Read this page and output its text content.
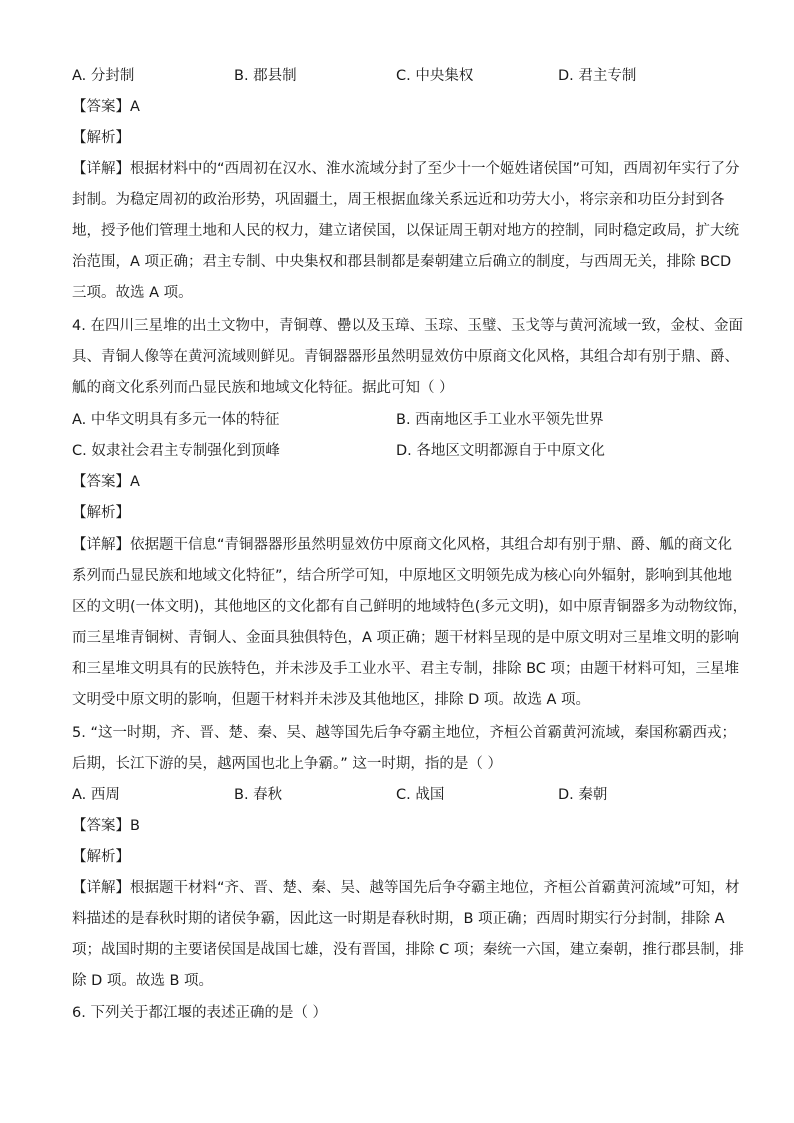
A. 分封制	B. 郡县制	C. 中央集权	D. 君主专制
【答案】A
【解析】
【详解】根据材料中的“西周初在汉水、淮水流域分封了至少十一个姬姓诸侯国”可知，西周初年实行了分
封制。为稳定周初的政治形势，巩固疆土，周王根据血缘关系远近和功劳大小，将宗亲和功臣分封到各
地，授予他们管理土地和人民的权力，建立诸侯国，以保证周王朝对地方的控制，同时稳定政局，扩大统
治范围，A 项正确；君主专制、中央集权和郡县制都是秦朝建立后确立的制度，与西周无关，排除 BCD
三项。故选 A 项。
4. 在四川三星堆的出土文物中，青铜尊、罍以及玉璋、玉琮、玉璧、玉戈等与黄河流域一致，金杖、金面
具、青铜人像等在黄河流域则鲜见。青铜器器形虽然明显效仿中原商文化风格，其组合却有别于鼎、爵、
觚的商文化系列而凸显民族和地域文化特征。据此可知（ ）
A. 中华文明具有多元一体的特征	B. 西南地区手工业水平领先世界
C. 奴隶社会君主专制强化到顶峰	D. 各地区文明都源自于中原文化
【答案】A
【解析】
【详解】依据题干信息“青铜器器形虽然明显效仿中原商文化风格，其组合却有别于鼎、爵、觚的商文化
系列而凸显民族和地域文化特征”，结合所学可知，中原地区文明领先成为核心向外辐射，影响到其他地
区的文明(一体文明)，其他地区的文化都有自己鲜明的地域特色(多元文明)，如中原青铜器多为动物纹饰，
而三星堆青铜树、青铜人、金面具独俱特色，A 项正确；题干材料呈现的是中原文明对三星堆文明的影响
和三星堆文明具有的民族特色，并未涉及手工业水平、君主专制，排除 BC 项；由题干材料可知，三星堆
文明受中原文明的影响，但题干材料并未涉及其他地区，排除 D 项。故选 A 项。
5. “这一时期，齐、晋、楚、秦、吴、越等国先后争夺霸主地位，齐桓公首霸黄河流域，秦国称霸西戎；
后期，长江下游的吴，越两国也北上争霸。” 这一时期，指的是（ ）
A. 西周	B. 春秋	C. 战国	D. 秦朝
【答案】B
【解析】
【详解】根据题干材料“齐、晋、楚、秦、吴、越等国先后争夺霸主地位，齐桓公首霸黄河流域”可知，材
料描述的是春秋时期的诸侯争霸，因此这一时期是春秋时期，B 项正确；西周时期实行分封制，排除 A
项；战国时期的主要诸侯国是战国七雄，没有晋国，排除 C 项；秦统一六国，建立秦朝，推行郡县制，排
除 D 项。故选 B 项。
6. 下列关于都江堰的表述正确的是（ ）
